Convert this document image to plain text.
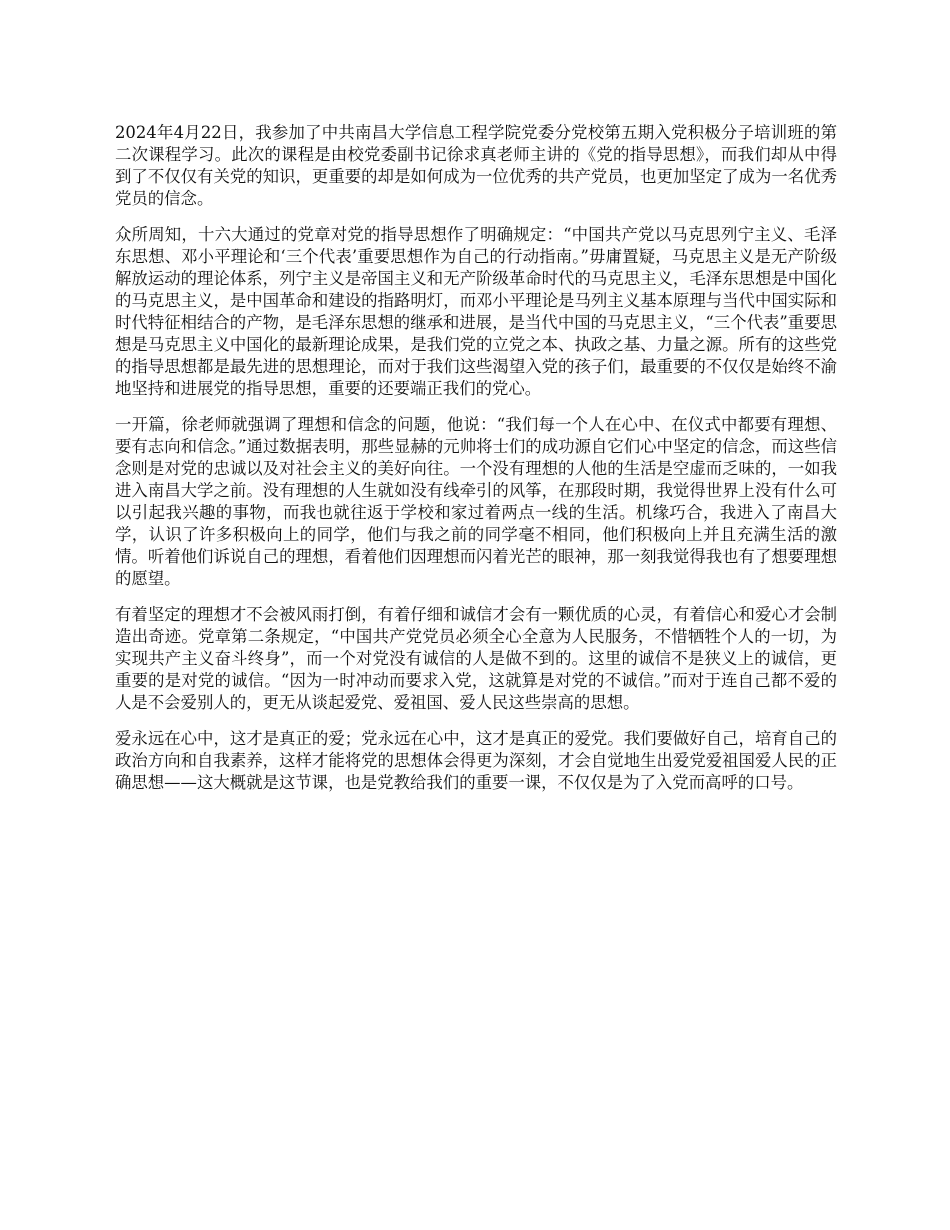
2024年4月22日，我参加了中共南昌大学信息工程学院党委分党校第五期入党积极分子培训班的第二次课程学习。此次的课程是由校党委副书记徐求真老师主讲的《党的指导思想》，而我们却从中得到了不仅仅有关党的知识，更重要的却是如何成为一位优秀的共产党员，也更加坚定了成为一名优秀党员的信念。

众所周知，十六大通过的党章对党的指导思想作了明确规定：“中国共产党以马克思列宁主义、毛泽东思想、邓小平理论和‘三个代表’重要思想作为自己的行动指南。”毋庸置疑，马克思主义是无产阶级解放运动的理论体系，列宁主义是帝国主义和无产阶级革命时代的马克思主义，毛泽东思想是中国化的马克思主义，是中国革命和建设的指路明灯，而邓小平理论是马列主义基本原理与当代中国实际和时代特征相结合的产物，是毛泽东思想的继承和进展，是当代中国的马克思主义，“三个代表”重要思想是马克思主义中国化的最新理论成果，是我们党的立党之本、执政之基、力量之源。所有的这些党的指导思想都是最先进的思想理论，而对于我们这些渴望入党的孩子们，最重要的不仅仅是始终不渝地坚持和进展党的指导思想，重要的还要端正我们的党心。

一开篇，徐老师就强调了理想和信念的问题，他说：“我们每一个人在心中、在仪式中都要有理想、要有志向和信念。”通过数据表明，那些显赫的元帅将士们的成功源自它们心中坚定的信念，而这些信念则是对党的忠诚以及对社会主义的美好向往。一个没有理想的人他的生活是空虚而乏味的，一如我进入南昌大学之前。没有理想的人生就如没有线牵引的风筝，在那段时期，我觉得世界上没有什么可以引起我兴趣的事物，而我也就往返于学校和家过着两点一线的生活。机缘巧合，我进入了南昌大学，认识了许多积极向上的同学，他们与我之前的同学毫不相同，他们积极向上并且充满生活的激情。听着他们诉说自己的理想，看着他们因理想而闪着光芒的眼神，那一刻我觉得我也有了想要理想的愿望。

有着坚定的理想才不会被风雨打倒，有着仔细和诚信才会有一颗优质的心灵，有着信心和爱心才会制造出奇迹。党章第二条规定，“中国共产党党员必须全心全意为人民服务，不惜牺牲个人的一切，为实现共产主义奋斗终身”，而一个对党没有诚信的人是做不到的。这里的诚信不是狭义上的诚信，更重要的是对党的诚信。“因为一时冲动而要求入党，这就算是对党的不诚信。”而对于连自己都不爱的人是不会爱别人的，更无从谈起爱党、爱祖国、爱人民这些崇高的思想。

爱永远在心中，这才是真正的爱；党永远在心中，这才是真正的爱党。我们要做好自己，培育自己的政治方向和自我素养，这样才能将党的思想体会得更为深刻，才会自觉地生出爱党爱祖国爱人民的正确思想——这大概就是这节课，也是党教给我们的重要一课，不仅仅是为了入党而高呼的口号。
